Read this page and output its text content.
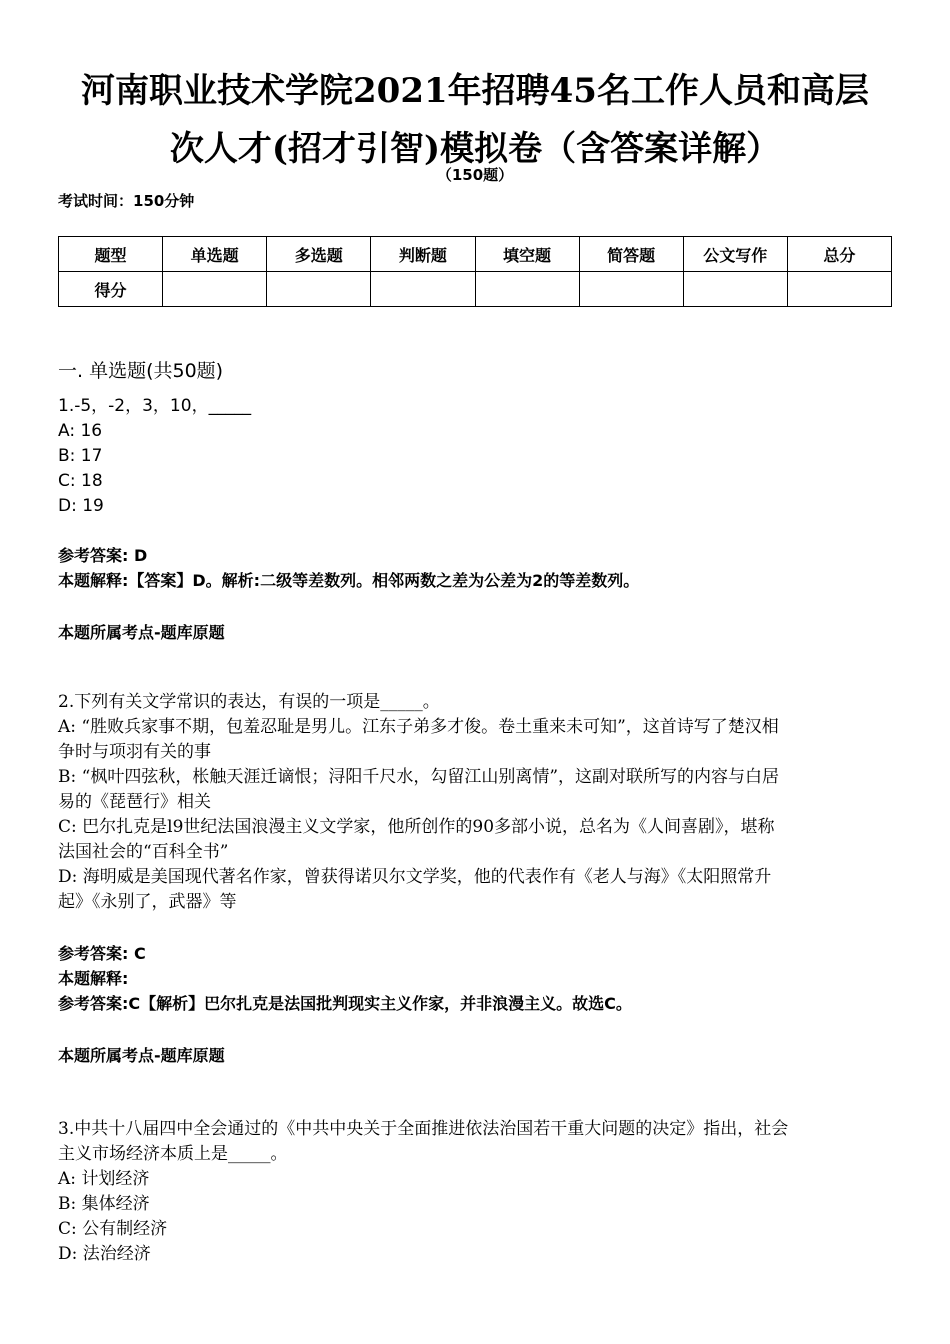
河南职业技术学院2021年招聘45名工作人员和高层
次人才(招才引智)模拟卷（含答案详解）
（150题）
考试时间：150分钟
题型	单选题	多选题	判断题	填空题	简答题	公文写作	总分
得分							
一. 单选题(共50题)
1.-5，-2，3，10，_____
A: 16
B: 17
C: 18
D: 19
参考答案: D
本题解释:【答案】D。解析:二级等差数列。相邻两数之差为公差为2的等差数列。
本题所属考点-题库原题
2.下列有关文学常识的表达，有误的一项是_____。
A: “胜败兵家事不期，包羞忍耻是男儿。江东子弟多才俊。卷土重来未可知”，这首诗写了楚汉相
争时与项羽有关的事
B: “枫叶四弦秋，枨触天涯迁谪恨；浔阳千尺水，勾留江山别离情”，这副对联所写的内容与白居
易的《琵琶行》相关
C: 巴尔扎克是l9世纪法国浪漫主义文学家，他所创作的90多部小说，总名为《人间喜剧》，堪称
法国社会的“百科全书”
D: 海明威是美国现代著名作家，曾获得诺贝尔文学奖，他的代表作有《老人与海》《太阳照常升
起》《永别了，武器》等
参考答案: C
本题解释:
参考答案:C【解析】巴尔扎克是法国批判现实主义作家，并非浪漫主义。故选C。
本题所属考点-题库原题
3.中共十八届四中全会通过的《中共中央关于全面推进依法治国若干重大问题的决定》指出，社会
主义市场经济本质上是_____。
A: 计划经济
B: 集体经济
C: 公有制经济
D: 法治经济
